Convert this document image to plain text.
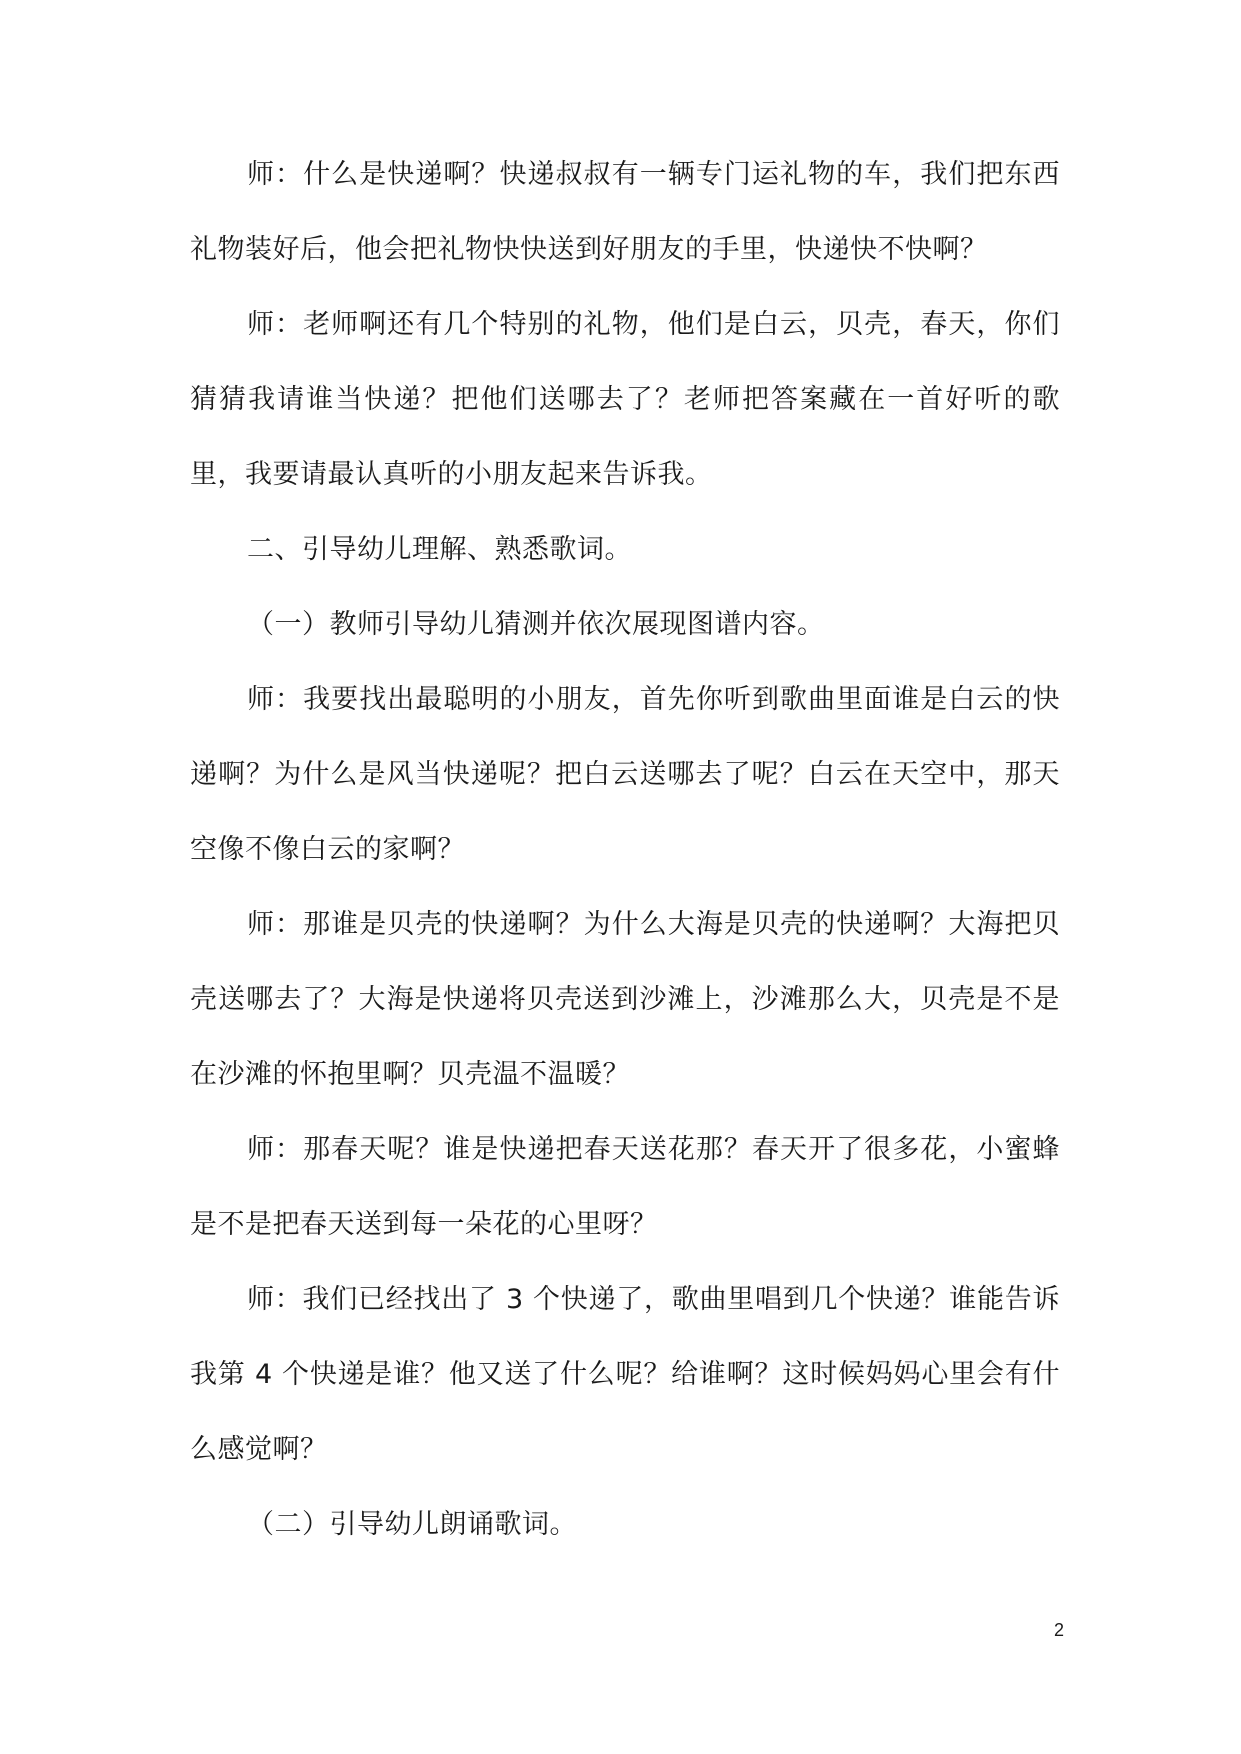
师：什么是快递啊？快递叔叔有一辆专门运礼物的车，我们把东西礼物装好后，他会把礼物快快送到好朋友的手里，快递快不快啊？

师：老师啊还有几个特别的礼物，他们是白云，贝壳，春天，你们猜猜我请谁当快递？把他们送哪去了？老师把答案藏在一首好听的歌里，我要请最认真听的小朋友起来告诉我。

二、引导幼儿理解、熟悉歌词。

（一）教师引导幼儿猜测并依次展现图谱内容。

师：我要找出最聪明的小朋友，首先你听到歌曲里面谁是白云的快递啊？为什么是风当快递呢？把白云送哪去了呢？白云在天空中，那天空像不像白云的家啊？

师：那谁是贝壳的快递啊？为什么大海是贝壳的快递啊？大海把贝壳送哪去了？大海是快递将贝壳送到沙滩上，沙滩那么大，贝壳是不是在沙滩的怀抱里啊？贝壳温不温暖？

师：那春天呢？谁是快递把春天送花那？春天开了很多花，小蜜蜂是不是把春天送到每一朵花的心里呀？

师：我们已经找出了 3 个快递了，歌曲里唱到几个快递？谁能告诉我第 4 个快递是谁？他又送了什么呢？给谁啊？这时候妈妈心里会有什么感觉啊？

（二）引导幼儿朗诵歌词。

2
